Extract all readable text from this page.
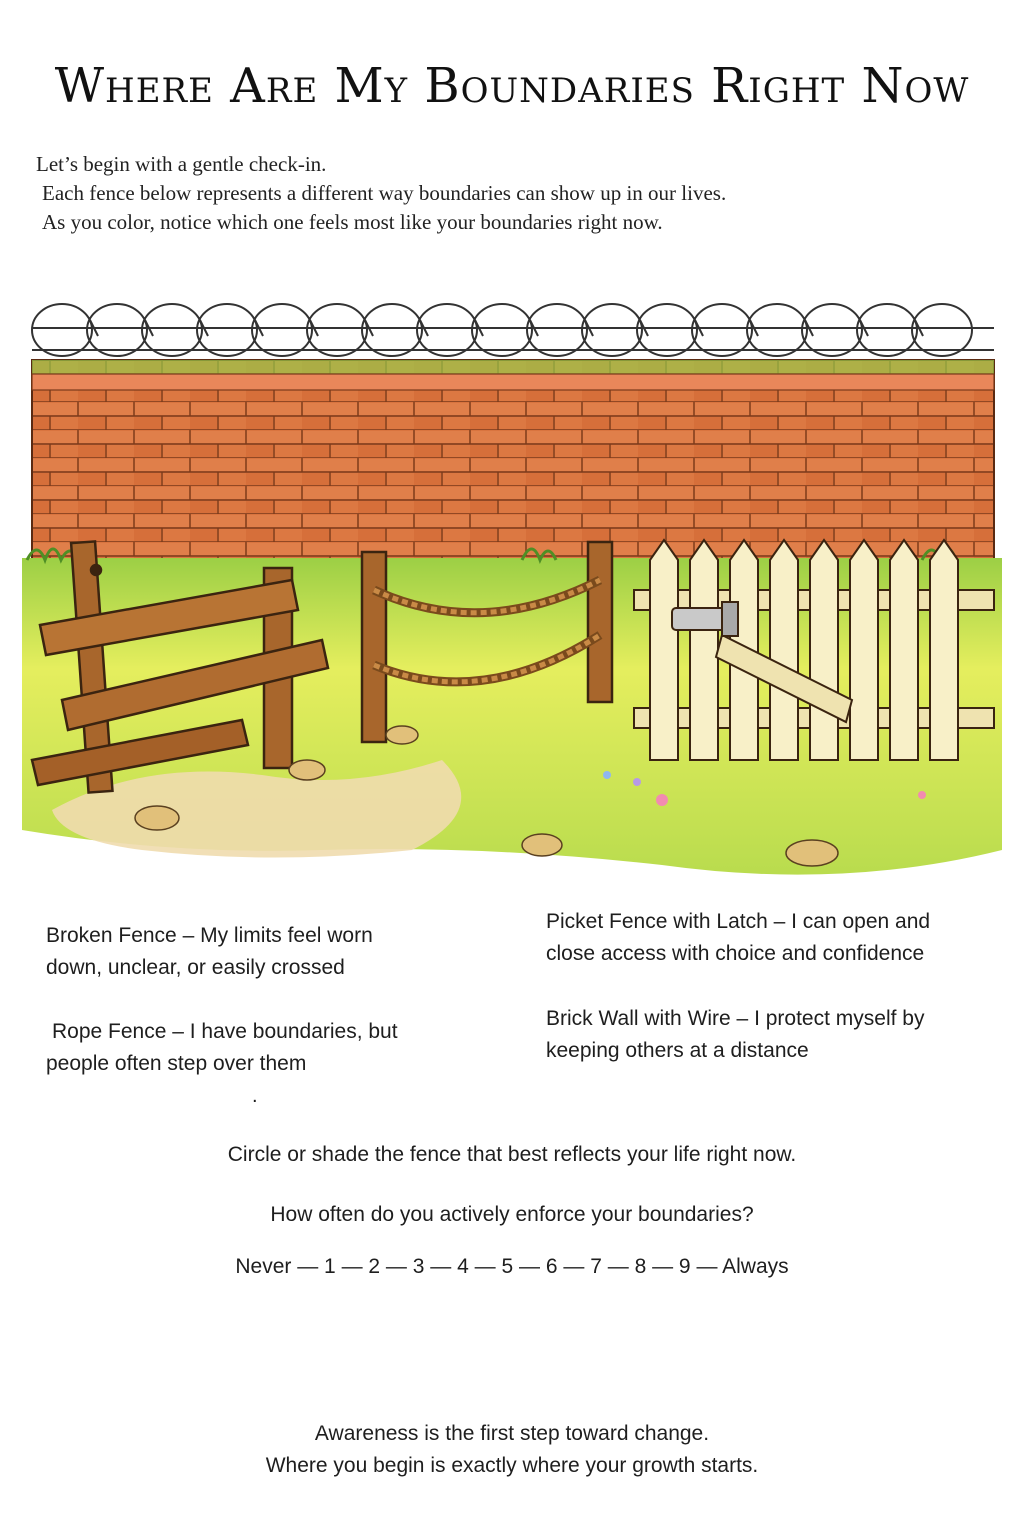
Where Are My Boundaries Right Now
Let’s begin with a gentle check-in.
Each fence below represents a different way boundaries can show up in our lives.
As you color, notice which one feels most like your boundaries right now.
Broken Fence – My limits feel worn
down, unclear, or easily crossed
Rope Fence – I have boundaries, but
people often step over them
.
Picket Fence with Latch – I can open and
close access with choice and confidence
Brick Wall with Wire – I protect myself by
keeping others at a distance
Circle or shade the fence that best reflects your life right now.
How often do you actively enforce your boundaries?
Never — 1 — 2 — 3 — 4 — 5 — 6 — 7 — 8 — 9 — Always
Awareness is the first step toward change.
Where you begin is exactly where your growth starts.
